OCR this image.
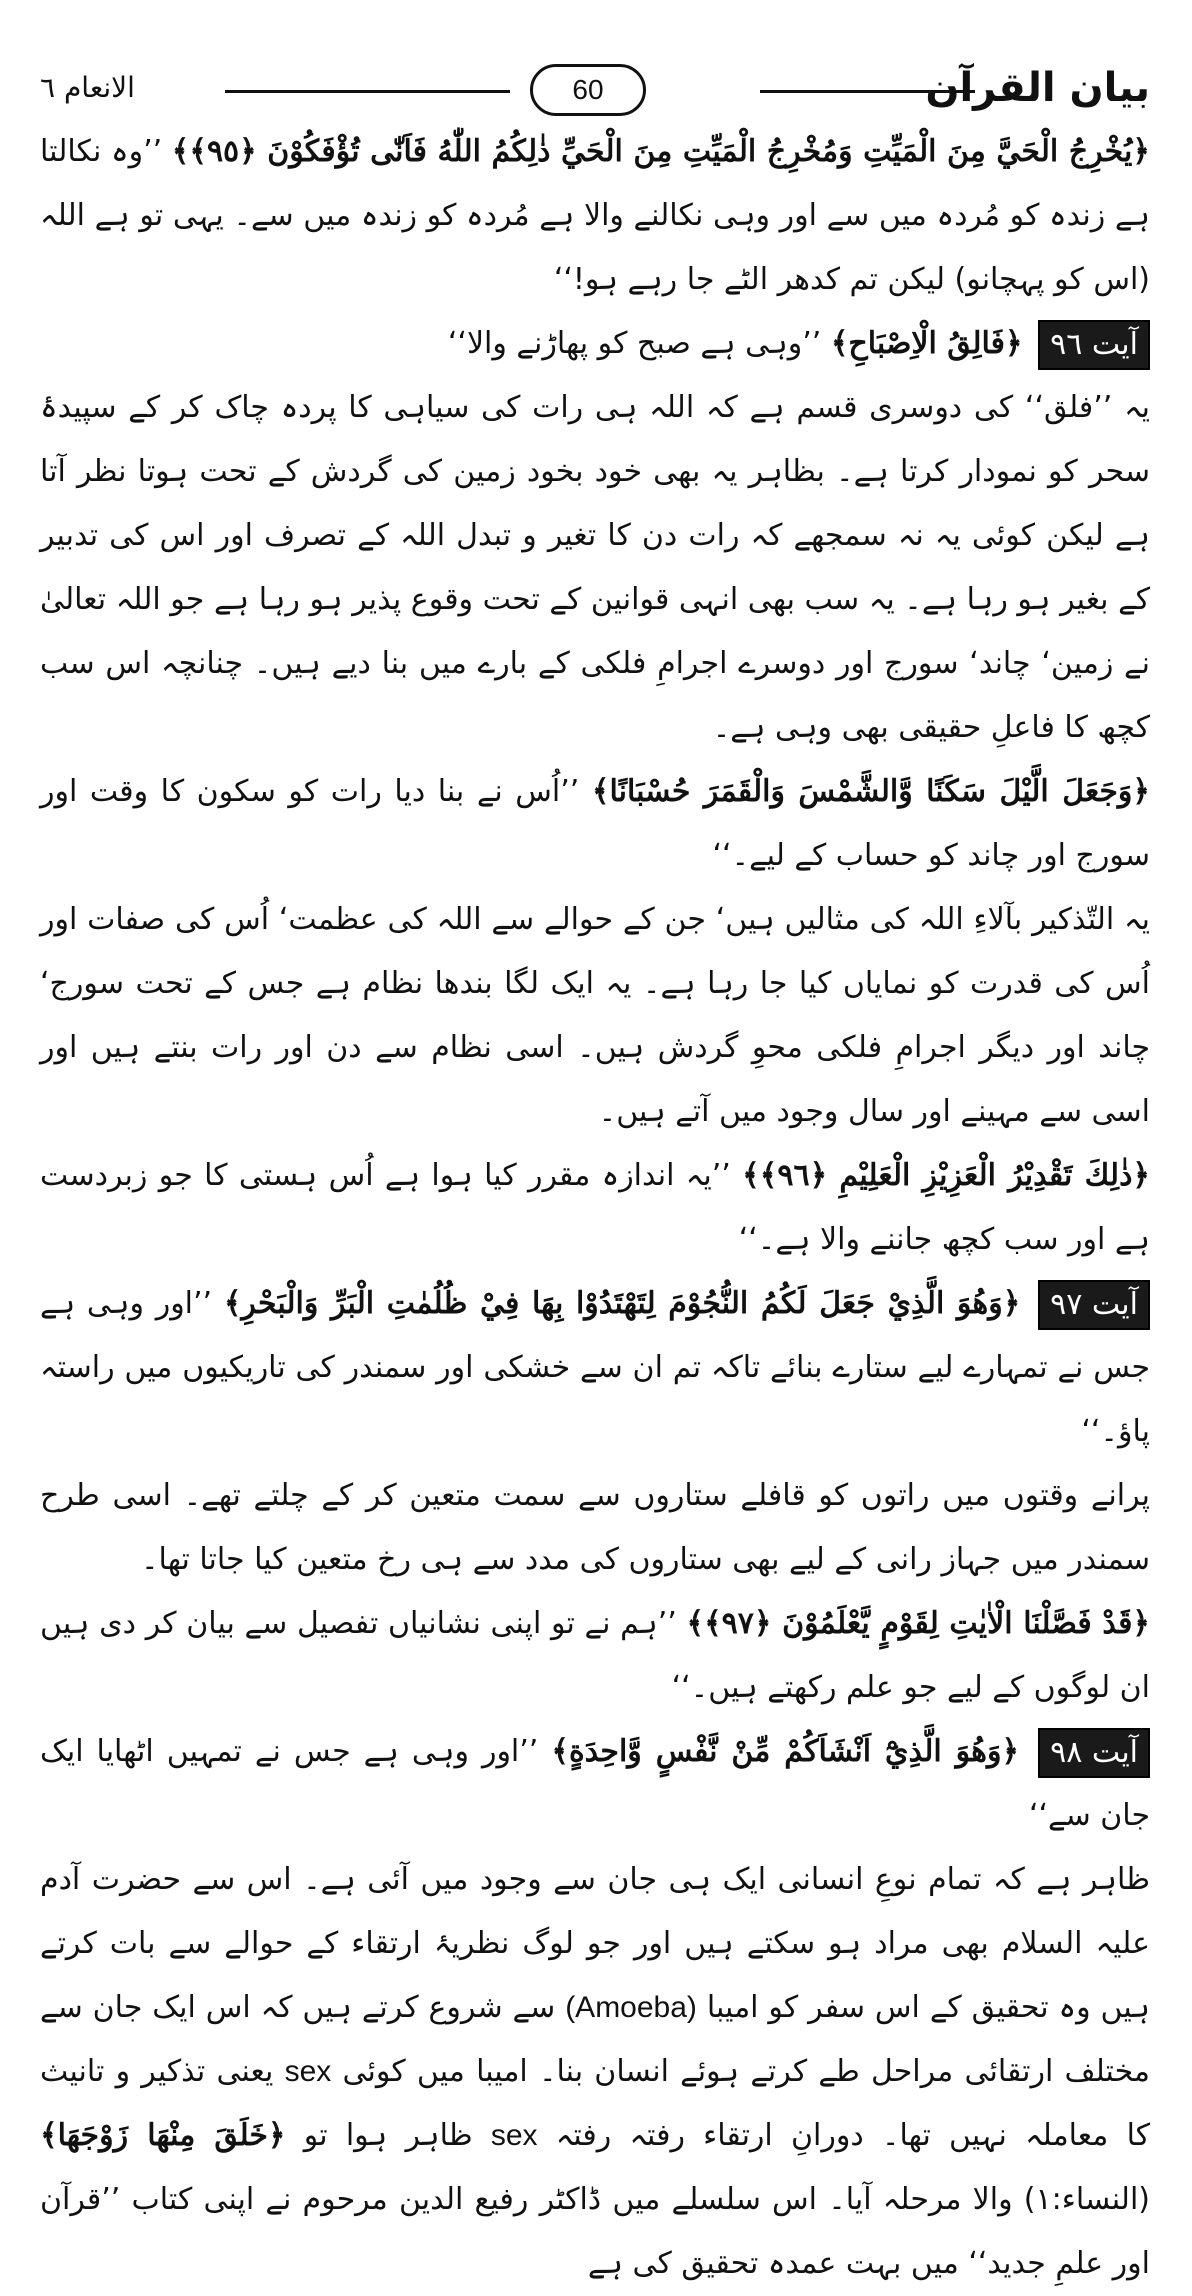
بیان القرآن
60
الانعام ٦

﴿يُخْرِجُ الْحَيَّ مِنَ الْمَيِّتِ وَمُخْرِجُ الْمَيِّتِ مِنَ الْحَيِّ ذٰلِكُمُ اللّٰهُ فَاَنّٰى تُؤْفَكُوْنَ ﴿٩٥﴾﴾ ’’وہ نکالتا ہے زندہ کو مُردہ میں سے اور وہی نکالنے والا ہے مُردہ کو زندہ میں سے۔ یہی تو ہے اللہ (اس کو پہچانو) لیکن تم کدھر الٹے جا رہے ہو!‘‘

آیت ٩٦ ﴿فَالِقُ الْاِصْبَاحِ﴾ ’’وہی ہے صبح کو پھاڑنے والا‘‘

یہ ’’فلق‘‘ کی دوسری قسم ہے کہ اللہ ہی رات کی سیاہی کا پردہ چاک کر کے سپیدۂ سحر کو نمودار کرتا ہے۔ بظاہر یہ بھی خود بخود زمین کی گردش کے تحت ہوتا نظر آتا ہے لیکن کوئی یہ نہ سمجھے کہ رات دن کا تغیر و تبدل اللہ کے تصرف اور اس کی تدبیر کے بغیر ہو رہا ہے۔ یہ سب بھی انہی قوانین کے تحت وقوع پذیر ہو رہا ہے جو اللہ تعالیٰ نے زمین‘ چاند‘ سورج اور دوسرے اجرامِ فلکی کے بارے میں بنا دیے ہیں۔ چنانچہ اس سب کچھ کا فاعلِ حقیقی بھی وہی ہے۔

﴿وَجَعَلَ الَّيْلَ سَكَنًا وَّالشَّمْسَ وَالْقَمَرَ حُسْبَانًا﴾ ’’اُس نے بنا دیا رات کو سکون کا وقت اور سورج اور چاند کو حساب کے لیے۔‘‘

یہ التّذکیر بآلاءِ اللہ کی مثالیں ہیں‘ جن کے حوالے سے اللہ کی عظمت‘ اُس کی صفات اور اُس کی قدرت کو نمایاں کیا جا رہا ہے۔ یہ ایک لگا بندھا نظام ہے جس کے تحت سورج‘ چاند اور دیگر اجرامِ فلکی محوِ گردش ہیں۔ اسی نظام سے دن اور رات بنتے ہیں اور اسی سے مہینے اور سال وجود میں آتے ہیں۔

﴿ذٰلِكَ تَقْدِيْرُ الْعَزِيْزِ الْعَلِيْمِ ﴿٩٦﴾﴾ ’’یہ اندازہ مقرر کیا ہوا ہے اُس ہستی کا جو زبردست ہے اور سب کچھ جاننے والا ہے۔‘‘

آیت ٩٧ ﴿وَهُوَ الَّذِيْ جَعَلَ لَكُمُ النُّجُوْمَ لِتَهْتَدُوْا بِهَا فِيْ ظُلُمٰتِ الْبَرِّ وَالْبَحْرِ﴾ ’’اور وہی ہے جس نے تمہارے لیے ستارے بنائے تاکہ تم ان سے خشکی اور سمندر کی تاریکیوں میں راستہ پاؤ۔‘‘

پرانے وقتوں میں راتوں کو قافلے ستاروں سے سمت متعین کر کے چلتے تھے۔ اسی طرح سمندر میں جہاز رانی کے لیے بھی ستاروں کی مدد سے ہی رخ متعین کیا جاتا تھا۔

﴿قَدْ فَصَّلْنَا الْاٰيٰتِ لِقَوْمٍ يَّعْلَمُوْنَ ﴿٩٧﴾﴾ ’’ہم نے تو اپنی نشانیاں تفصیل سے بیان کر دی ہیں ان لوگوں کے لیے جو علم رکھتے ہیں۔‘‘

آیت ٩٨ ﴿وَهُوَ الَّذِيْٓ اَنْشَاَكُمْ مِّنْ نَّفْسٍ وَّاحِدَةٍ﴾ ’’اور وہی ہے جس نے تمہیں اٹھایا ایک جان سے‘‘

ظاہر ہے کہ تمام نوعِ انسانی ایک ہی جان سے وجود میں آئی ہے۔ اس سے حضرت آدم علیہ السلام بھی مراد ہو سکتے ہیں اور جو لوگ نظریۂ ارتقاء کے حوالے سے بات کرتے ہیں وہ تحقیق کے اس سفر کو امیبا (Amoeba) سے شروع کرتے ہیں کہ اس ایک جان سے مختلف ارتقائی مراحل طے کرتے ہوئے انسان بنا۔ امیبا میں کوئی sex یعنی تذکیر و تانیث کا معاملہ نہیں تھا۔ دورانِ ارتقاء رفتہ رفتہ sex ظاہر ہوا تو ﴿خَلَقَ مِنْهَا زَوْجَهَا﴾ (النساء:١) والا مرحلہ آیا۔ اس سلسلے میں ڈاکٹر رفیع الدین مرحوم نے اپنی کتاب ’’قرآن اور علمِ جدید‘‘ میں بہت عمدہ تحقیق کی ہے
